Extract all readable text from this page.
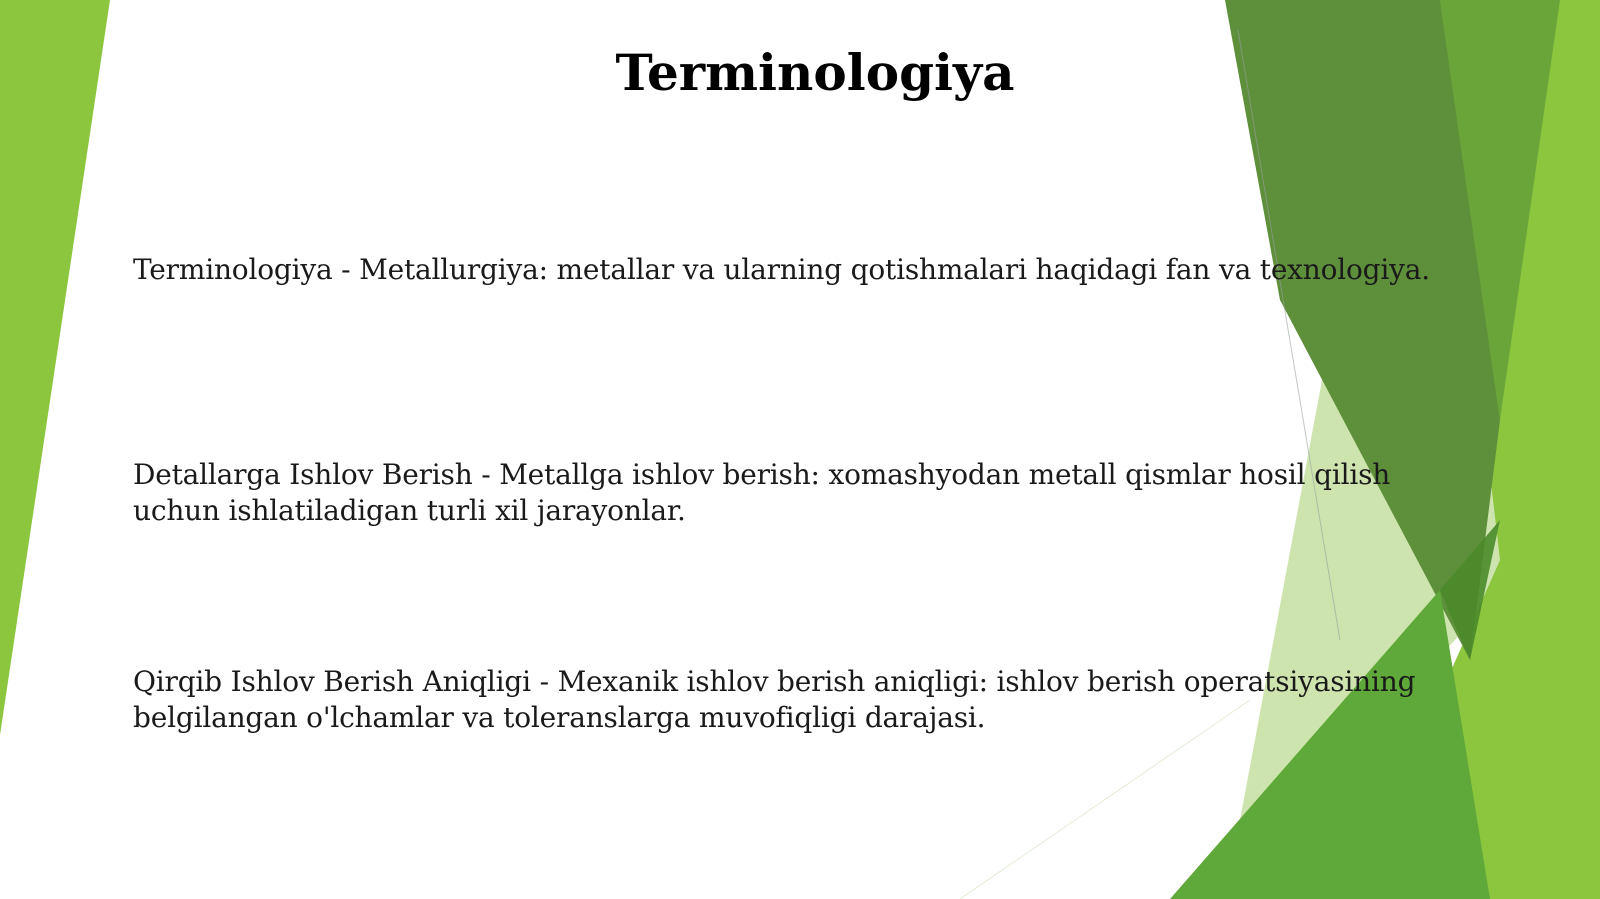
Terminologiya

Terminologiya - Metallurgiya: metallar va ularning qotishmalari haqidagi fan va texnologiya.

Detallarga Ishlov Berish - Metallga ishlov berish: xomashyodan metall qismlar hosil qilish uchun ishlatiladigan turli xil jarayonlar.

Qirqib Ishlov Berish Aniqligi - Mexanik ishlov berish aniqligi: ishlov berish operatsiyasining belgilangan o'lchamlar va toleranslarga muvofiqligi darajasi.
